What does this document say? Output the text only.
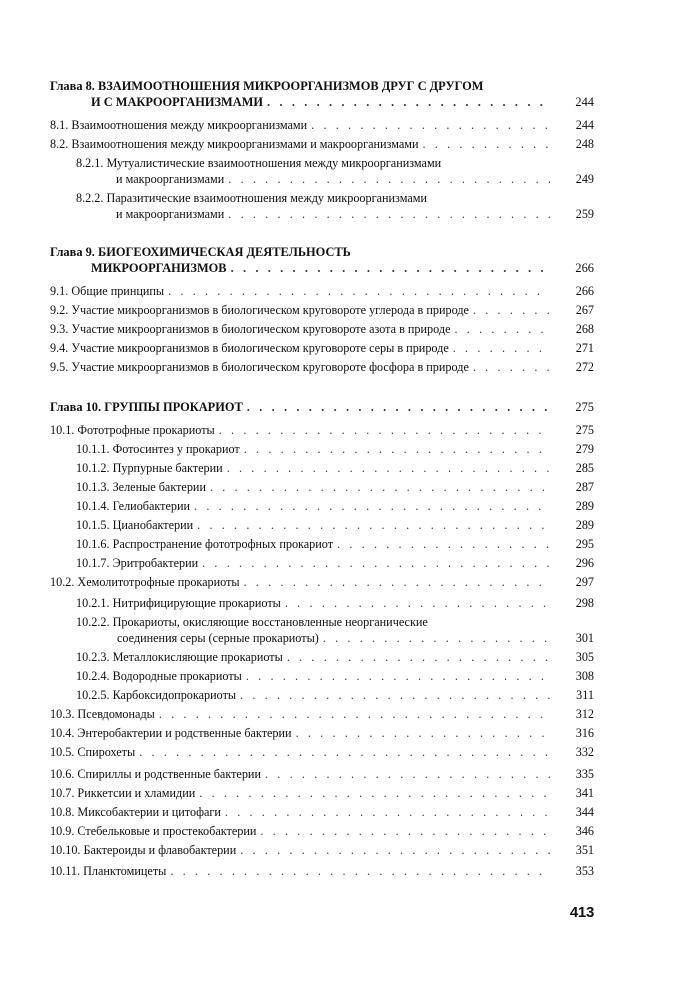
Глава 8. ВЗАИМООТНОШЕНИЯ МИКРООРГАНИЗМОВ ДРУГ С ДРУГОМ
И С МАКРООРГАНИЗМАМИ . . .	244
8.1. Взаимоотношения между микроорганизмами . . .	244
8.2. Взаимоотношения между микроорганизмами и макроорганизмами . . .	248
8.2.1. Мутуалистические взаимоотношения между микроорганизмами
и макроорганизмами . . .	249
8.2.2. Паразитические взаимоотношения между микроорганизмами
и макроорганизмами . . .	259
Глава 9. БИОГЕОХИМИЧЕСКАЯ ДЕЯТЕЛЬНОСТЬ
МИКРООРГАНИЗМОВ . . .	266
9.1. Общие принципы . . .	266
9.2. Участие микроорганизмов в биологическом круговороте углерода в природе . . .	267
9.3. Участие микроорганизмов в биологическом круговороте азота в природе . . .	268
9.4. Участие микроорганизмов в биологическом круговороте серы в природе . . .	271
9.5. Участие микроорганизмов в биологическом круговороте фосфора в природе . . .	272
Глава 10. ГРУППЫ ПРОКАРИОТ . . .	275
10.1. Фототрофные прокариоты . . .	275
10.1.1. Фотосинтез у прокариот . . .	279
10.1.2. Пурпурные бактерии . . .	285
10.1.3. Зеленые бактерии . . .	287
10.1.4. Гелиобактерии . . .	289
10.1.5. Цианобактерии . . .	289
10.1.6. Распространение фототрофных прокариот . . .	295
10.1.7. Эритробактерии . . .	296
10.2. Хемолитотрофные прокариоты . . .	297
10.2.1. Нитрифицирующие прокариоты . . .	298
10.2.2. Прокариоты, окисляющие восстановленные неорганические
соединения серы (серные прокариоты) . . .	301
10.2.3. Металлокисляющие прокариоты . . .	305
10.2.4. Водородные прокариоты . . .	308
10.2.5. Карбоксидопрокариоты . . .	311
10.3. Псевдомонады . . .	312
10.4. Энтеробактерии и родственные бактерии . . .	316
10.5. Спирохеты . . .	332
10.6. Спириллы и родственные бактерии . . .	335
10.7. Риккетсии и хламидии . . .	341
10.8. Миксобактерии и цитофаги . . .	344
10.9. Стебельковые и простекобактерии . . .	346
10.10. Бактероиды и флавобактерии . . .	351
10.11. Планктомицеты . . .	353
413
